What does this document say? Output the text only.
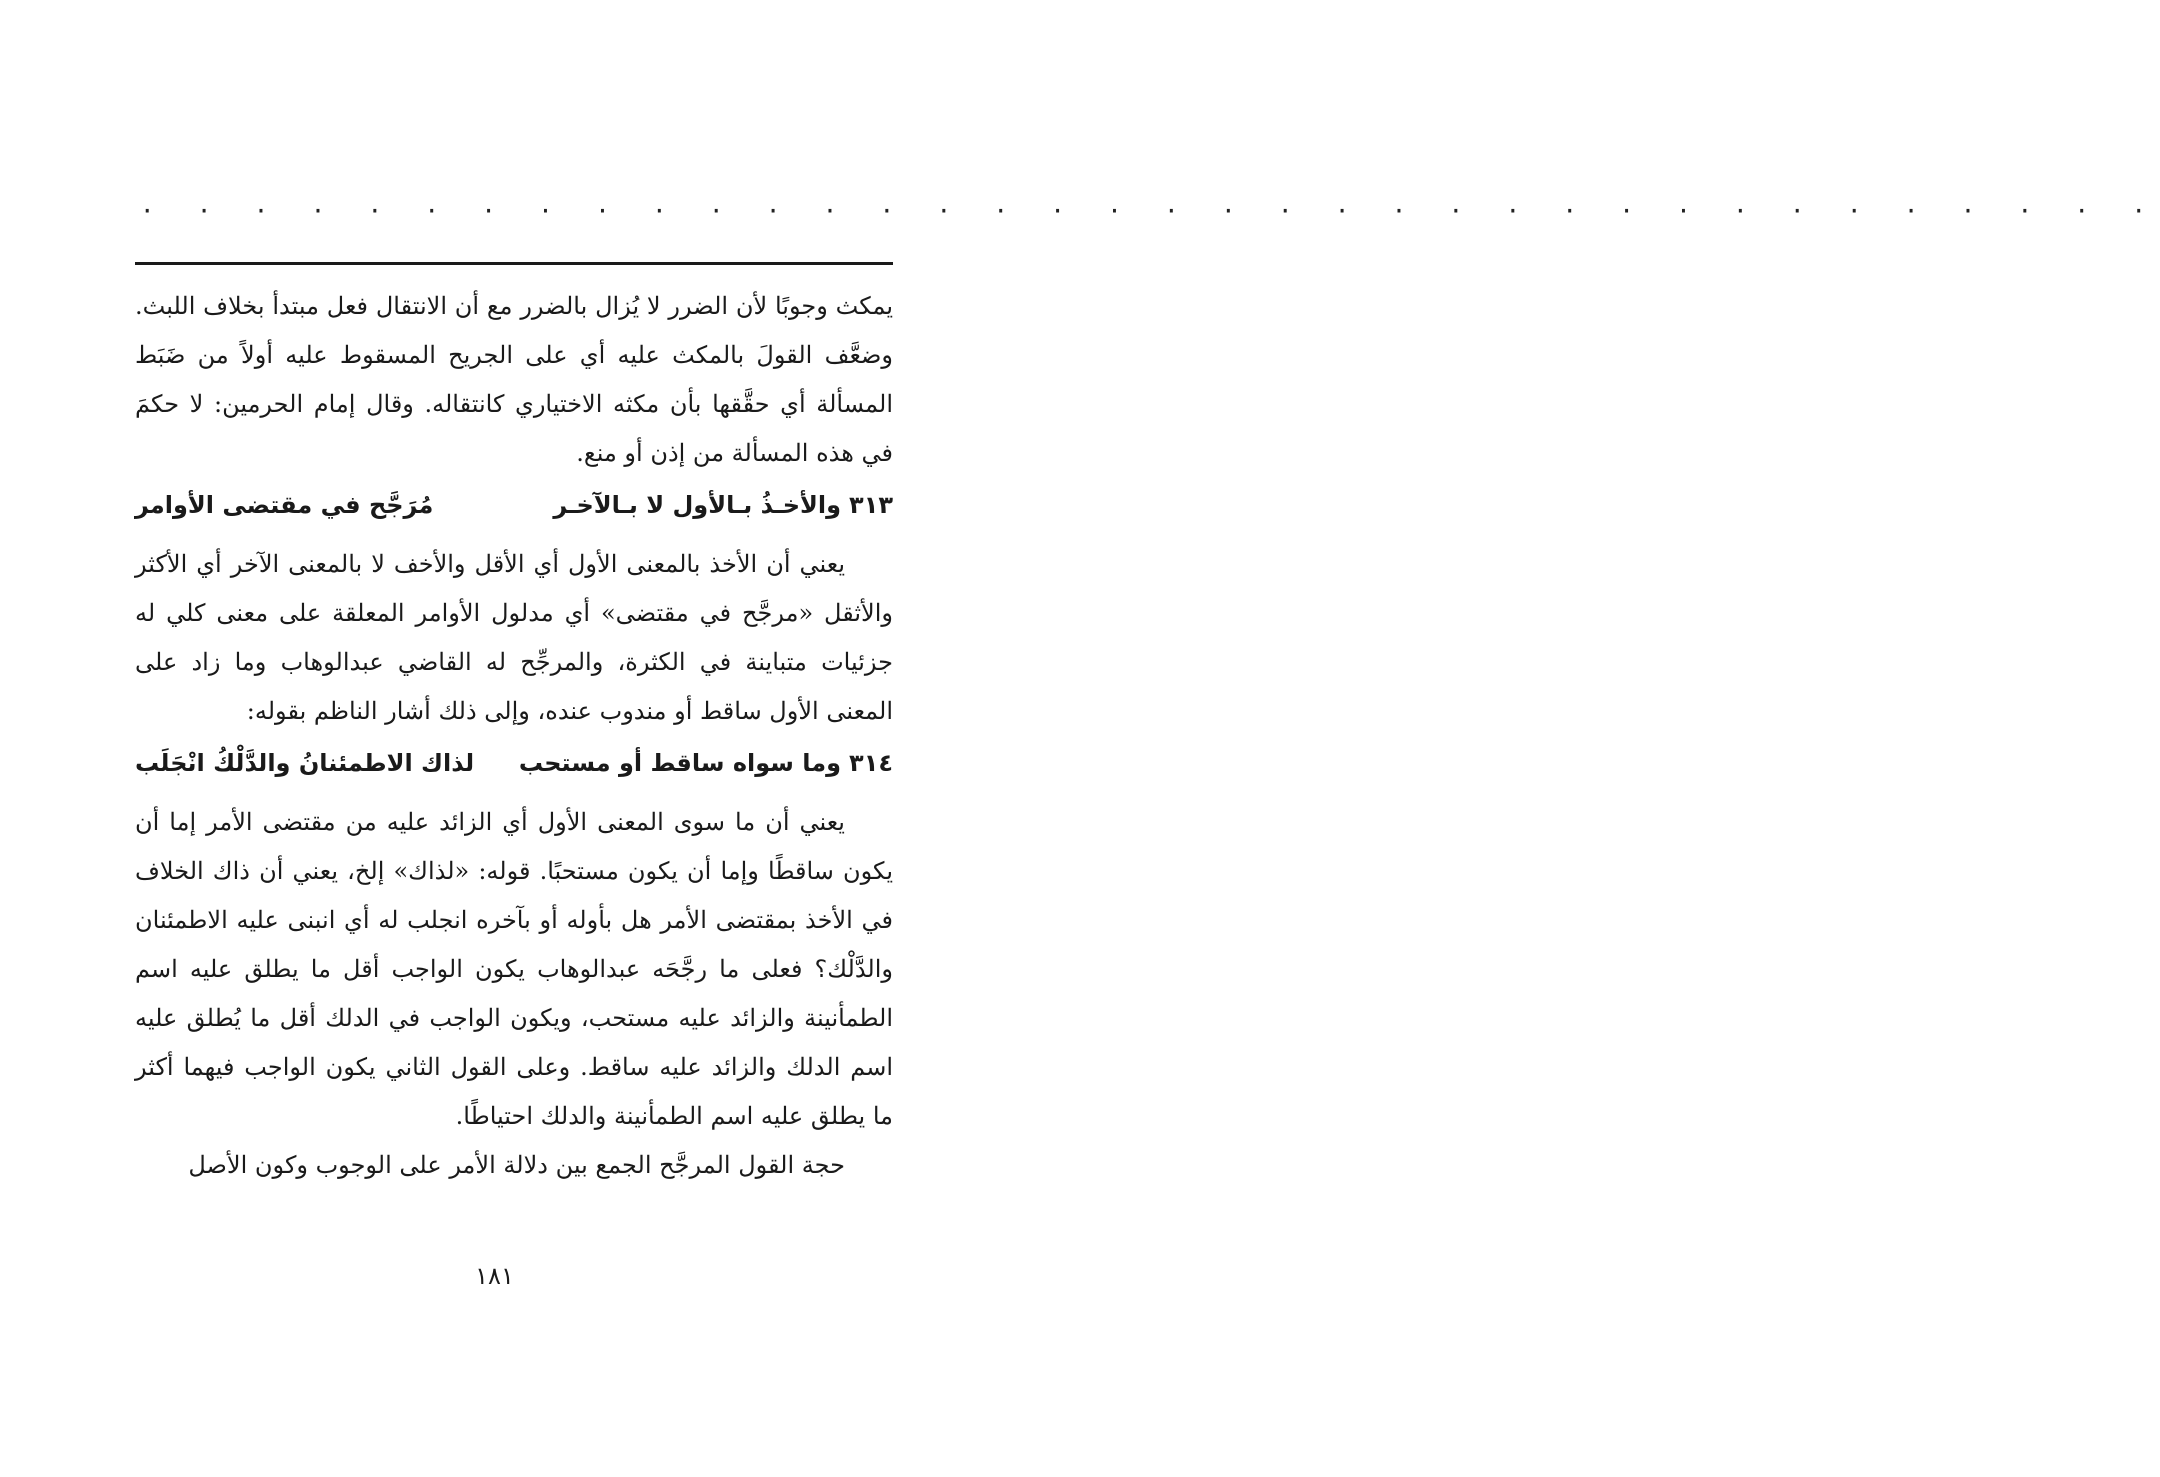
· · · · · · · · · · · · · · · · · · · · · · · · · · · · · · · · · · · ·

يمكث وجوبًا لأن الضرر لا يُزال بالضرر مع أن الانتقال فعل مبتدأ بخلاف اللبث. وضعَّف القولَ بالمكث عليه أي على الجريح المسقوط عليه أولاً من ضَبَط المسألة أي حقَّقها بأن مكثه الاختياري كانتقاله. وقال إمام الحرمين: لا حكمَ في هذه المسألة من إذن أو منع.

٣١٣
والأخـذُ بـالأول لا بـالآخـر
مُرَجَّح في مقتضى الأوامر

يعني أن الأخذ بالمعنى الأول أي الأقل والأخف لا بالمعنى الآخر أي الأكثر والأثقل «مرجَّح في مقتضى» أي مدلول الأوامر المعلقة على معنى كلي له جزئيات متباينة في الكثرة، والمرجِّح له القاضي عبدالوهاب وما زاد على المعنى الأول ساقط أو مندوب عنده، وإلى ذلك أشار الناظم بقوله:

٣١٤
وما سواه ساقط أو مستحب
لذاك الاطمئنانُ والدَّلْكُ انْجَلَب

يعني أن ما سوى المعنى الأول أي الزائد عليه من مقتضى الأمر إما أن يكون ساقطًا وإما أن يكون مستحبًا. قوله: «لذاك» إلخ، يعني أن ذاك الخلاف في الأخذ بمقتضى الأمر هل بأوله أو بآخره انجلب له أي انبنى عليه الاطمئنان والدَّلْك؟ فعلى ما رجَّحَه عبدالوهاب يكون الواجب أقل ما يطلق عليه اسم الطمأنينة والزائد عليه مستحب، ويكون الواجب في الدلك أقل ما يُطلق عليه اسم الدلك والزائد عليه ساقط. وعلى القول الثاني يكون الواجب فيهما أكثر ما يطلق عليه اسم الطمأنينة والدلك احتياطًا.

حجة القول المرجَّح الجمع بين دلالة الأمر على الوجوب وكون الأصل

١٨١
